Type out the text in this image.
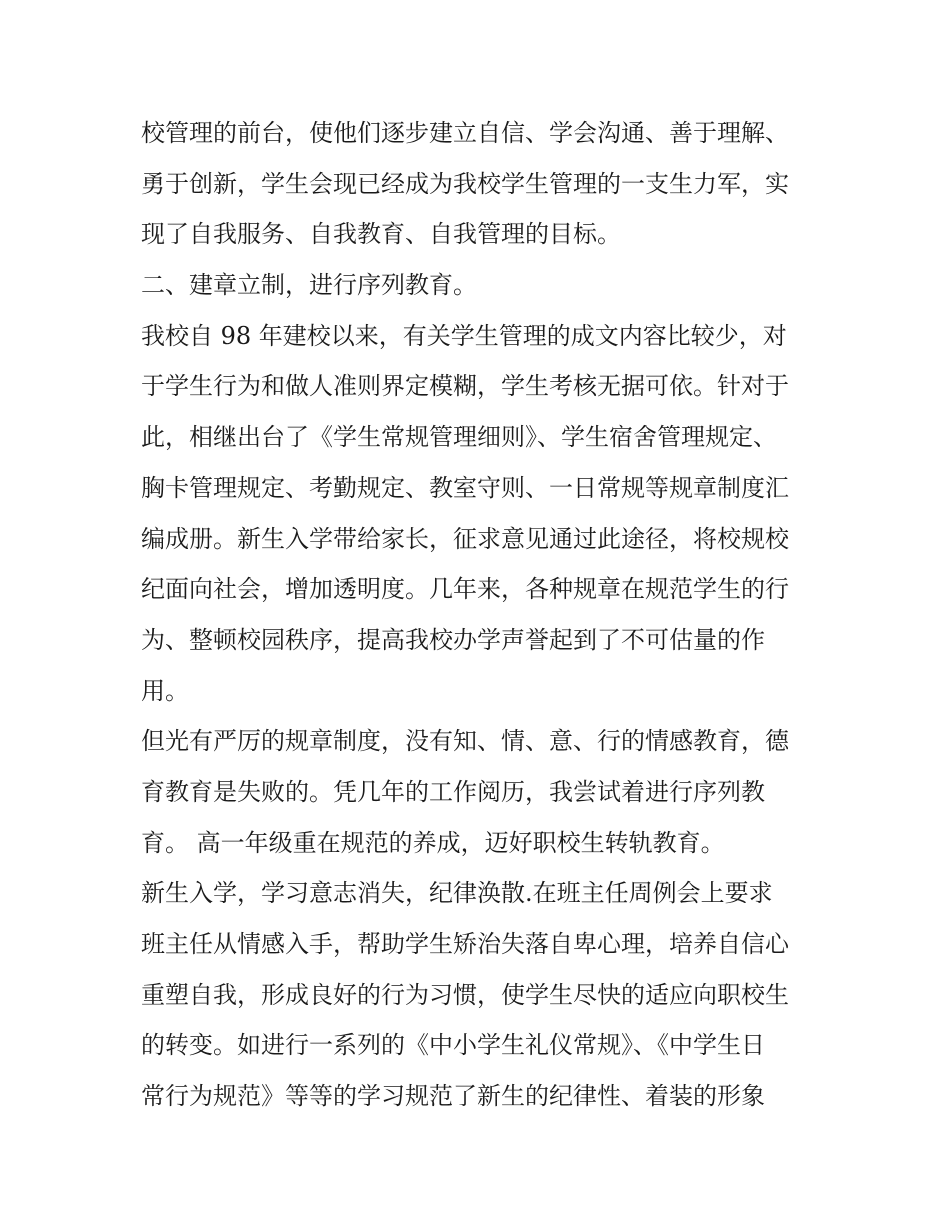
校管理的前台，使他们逐步建立自信、学会沟通、善于理解、
勇于创新，学生会现已经成为我校学生管理的一支生力军，实
现了自我服务、自我教育、自我管理的目标。
二、建章立制，进行序列教育。
我校自 98 年建校以来，有关学生管理的成文内容比较少，对
于学生行为和做人准则界定模糊，学生考核无据可依。针对于
此，相继出台了《学生常规管理细则》、学生宿舍管理规定、
胸卡管理规定、考勤规定、教室守则、一日常规等规章制度汇
编成册。新生入学带给家长，征求意见通过此途径，将校规校
纪面向社会，增加透明度。几年来，各种规章在规范学生的行
为、整顿校园秩序，提高我校办学声誉起到了不可估量的作
用。
但光有严厉的规章制度，没有知、情、意、行的情感教育，德
育教育是失败的。凭几年的工作阅历，我尝试着进行序列教
育。 高一年级重在规范的养成，迈好职校生转轨教育。
新生入学，学习意志消失，纪律涣散.在班主任周例会上要求
班主任从情感入手，帮助学生矫治失落自卑心理，培养自信心
重塑自我，形成良好的行为习惯，使学生尽快的适应向职校生
的转变。如进行一系列的《中小学生礼仪常规》、《中学生日
常行为规范》等等的学习规范了新生的纪律性、着装的形象
